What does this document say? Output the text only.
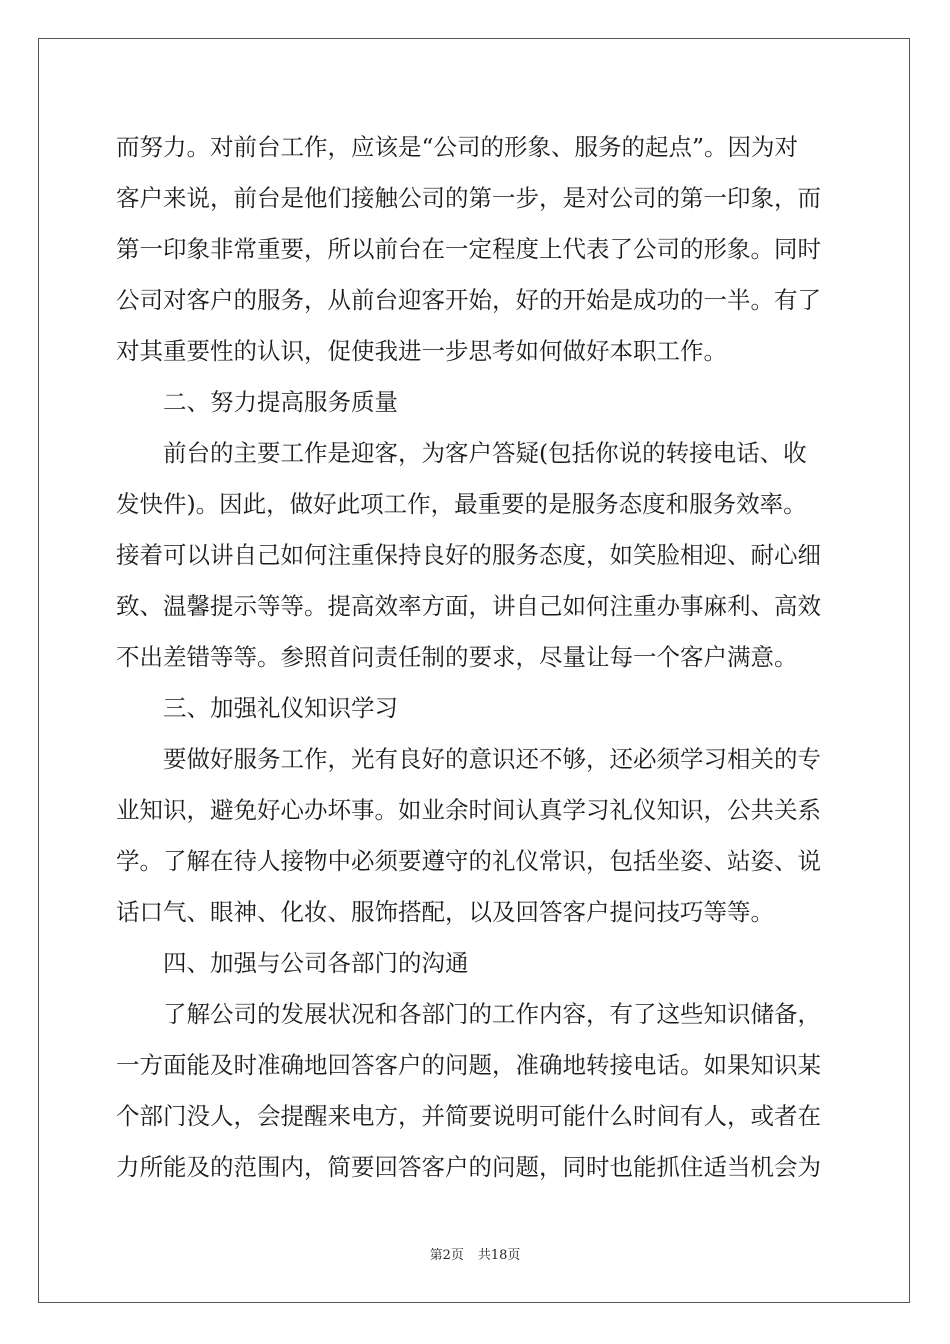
而努力。对前台工作，应该是“公司的形象、服务的起点”。因为对
客户来说，前台是他们接触公司的第一步，是对公司的第一印象，而
第一印象非常重要，所以前台在一定程度上代表了公司的形象。同时
公司对客户的服务，从前台迎客开始，好的开始是成功的一半。有了
对其重要性的认识，促使我进一步思考如何做好本职工作。
二、努力提高服务质量
前台的主要工作是迎客，为客户答疑(包括你说的转接电话、收
发快件)。因此，做好此项工作，最重要的是服务态度和服务效率。
接着可以讲自己如何注重保持良好的服务态度，如笑脸相迎、耐心细
致、温馨提示等等。提高效率方面，讲自己如何注重办事麻利、高效
不出差错等等。参照首问责任制的要求，尽量让每一个客户满意。
三、加强礼仪知识学习
要做好服务工作，光有良好的意识还不够，还必须学习相关的专
业知识，避免好心办坏事。如业余时间认真学习礼仪知识，公共关系
学。了解在待人接物中必须要遵守的礼仪常识，包括坐姿、站姿、说
话口气、眼神、化妆、服饰搭配，以及回答客户提问技巧等等。
四、加强与公司各部门的沟通
了解公司的发展状况和各部门的工作内容，有了这些知识储备，
一方面能及时准确地回答客户的问题，准确地转接电话。如果知识某
个部门没人，会提醒来电方，并简要说明可能什么时间有人，或者在
力所能及的范围内，简要回答客户的问题，同时也能抓住适当机会为
第2页 共18页
